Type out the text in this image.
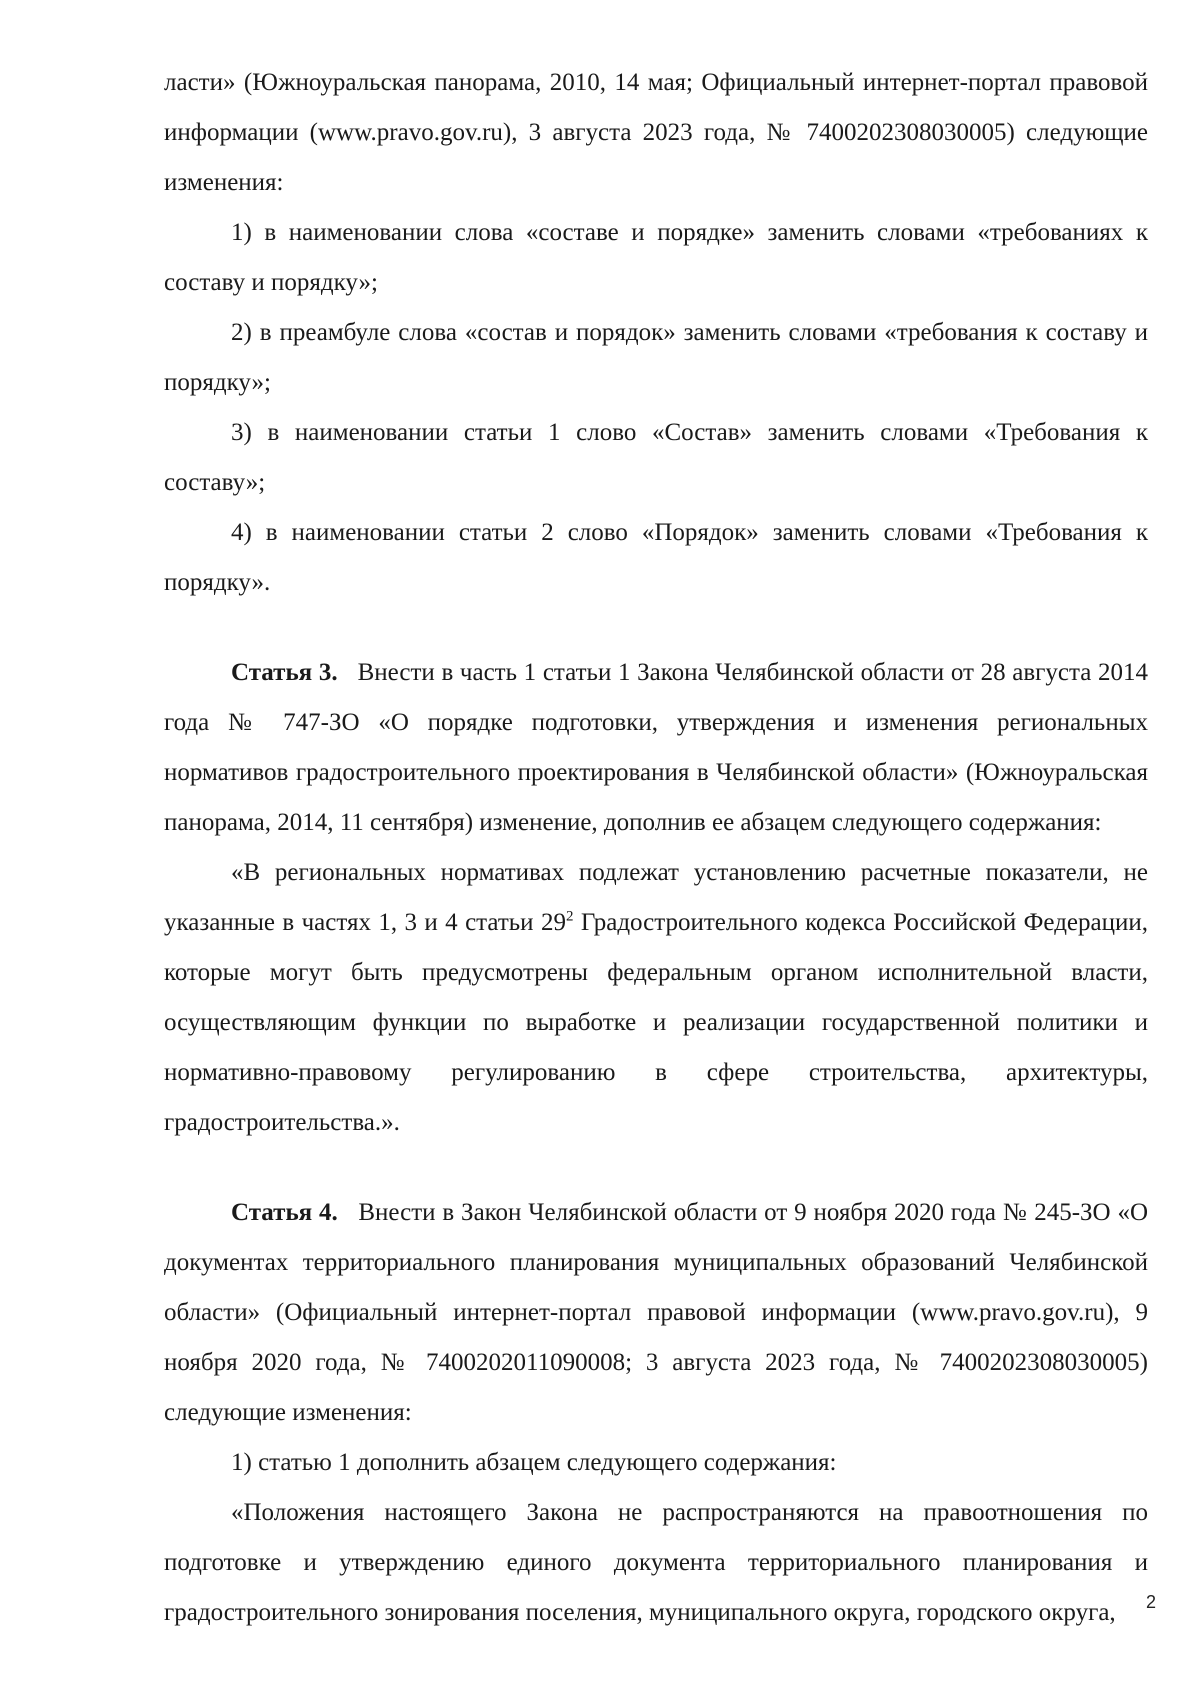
ласти» (Южноуральская панорама, 2010, 14 мая; Официальный интернет-портал правовой информации (www.pravo.gov.ru), 3 августа 2023 года, № 7400202308030005) следующие изменения:

1) в наименовании слова «составе и порядке» заменить словами «требованиях к составу и порядку»;

2) в преамбуле слова «состав и порядок» заменить словами «требования к составу и порядку»;

3) в наименовании статьи 1 слово «Состав» заменить словами «Требования к составу»;

4) в наименовании статьи 2 слово «Порядок» заменить словами «Требования к порядку».

Статья 3. Внести в часть 1 статьи 1 Закона Челябинской области от 28 августа 2014 года № 747-ЗО «О порядке подготовки, утверждения и изменения региональных нормативов градостроительного проектирования в Челябинской области» (Южноуральская панорама, 2014, 11 сентября) изменение, дополнив ее абзацем следующего содержания:

«В региональных нормативах подлежат установлению расчетные показатели, не указанные в частях 1, 3 и 4 статьи $29^2$ Градостроительного кодекса Российской Федерации, которые могут быть предусмотрены федеральным органом исполнительной власти, осуществляющим функции по выработке и реализации государственной политики и нормативно-правовому регулированию в сфере строительства, архитектуры, градостроительства.».

Статья 4. Внести в Закон Челябинской области от 9 ноября 2020 года № 245-ЗО «О документах территориального планирования муниципальных образований Челябинской области» (Официальный интернет-портал правовой информации (www.pravo.gov.ru), 9 ноября 2020 года, № 7400202011090008; 3 августа 2023 года, № 7400202308030005) следующие изменения:

1) статью 1 дополнить абзацем следующего содержания:

«Положения настоящего Закона не распространяются на правоотношения по подготовке и утверждению единого документа территориального планирования и градостроительного зонирования поселения, муниципального округа, городского округа,	2
